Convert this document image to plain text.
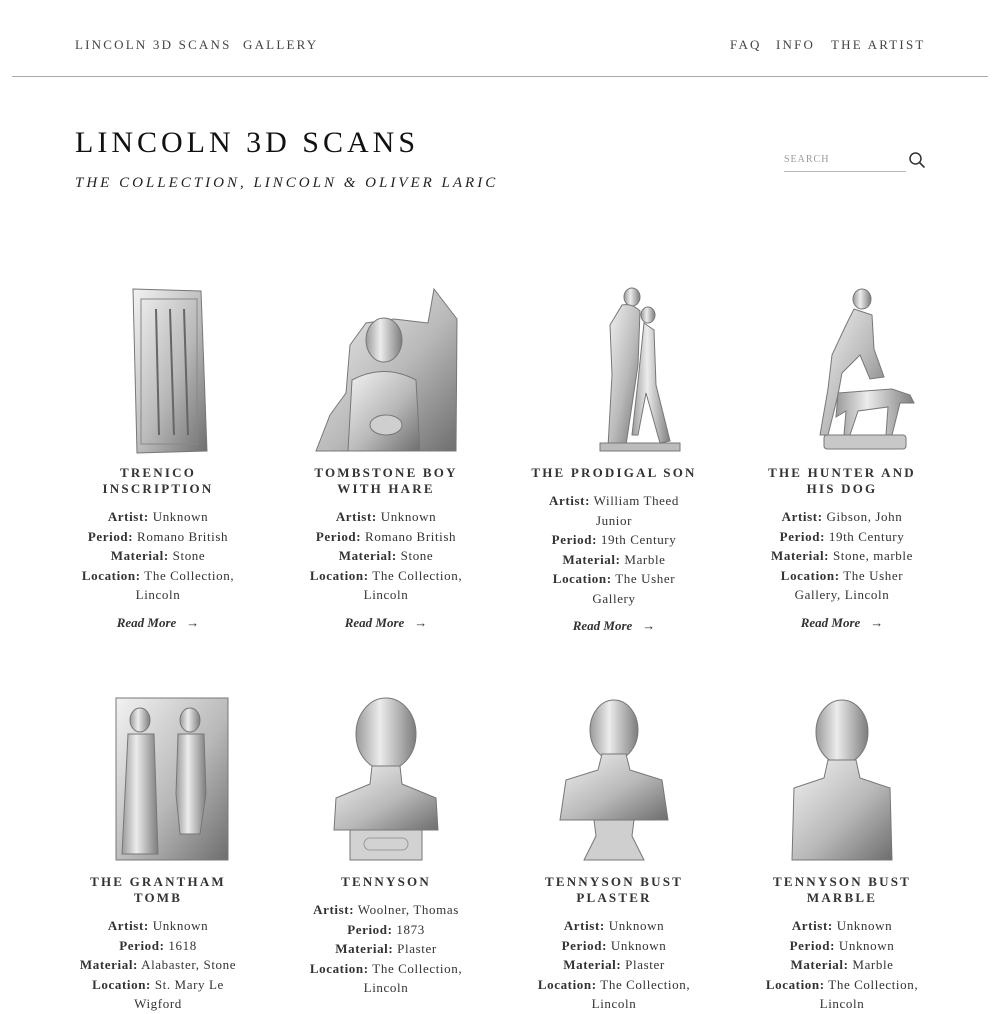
LINCOLN 3D SCANS GALLERY	FAQ INFO THE ARTIST
LINCOLN 3D SCANS
THE COLLECTION, LINCOLN & OLIVER LARIC
SEARCH
TRENICO INSCRIPTION
Artist: Unknown
Period: Romano British
Material: Stone
Location: The Collection, Lincoln
Read More →
TOMBSTONE BOY WITH HARE
Artist: Unknown
Period: Romano British
Material: Stone
Location: The Collection, Lincoln
Read More →
THE PRODIGAL SON
Artist: William Theed Junior
Period: 19th Century
Material: Marble
Location: The Usher Gallery
Read More →
THE HUNTER AND HIS DOG
Artist: Gibson, John
Period: 19th Century
Material: Stone, marble
Location: The Usher Gallery, Lincoln
Read More →
THE GRANTHAM TOMB
Artist: Unknown
Period: 1618
Material: Alabaster, Stone
Location: St. Mary Le Wigford
TENNYSON
Artist: Woolner, Thomas
Period: 1873
Material: Plaster
Location: The Collection, Lincoln
TENNYSON BUST PLASTER
Artist: Unknown
Period: Unknown
Material: Plaster
Location: The Collection, Lincoln
TENNYSON BUST MARBLE
Artist: Unknown
Period: Unknown
Material: Marble
Location: The Collection, Lincoln
